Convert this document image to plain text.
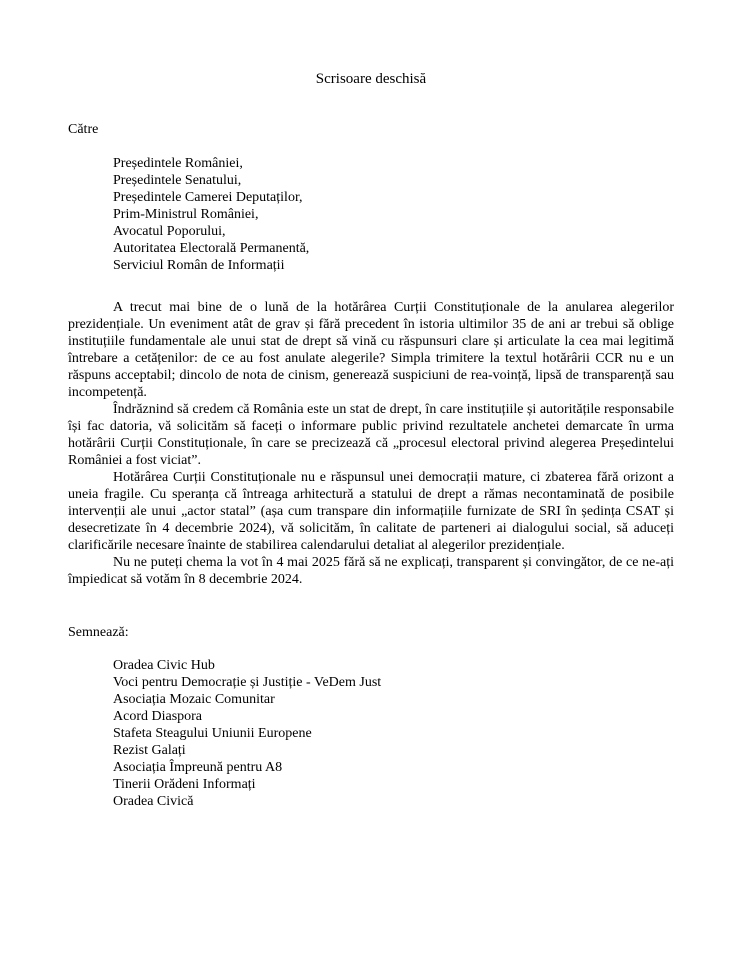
Scrisoare deschisă
Către
Președintele României,
Președintele Senatului,
Președintele Camerei Deputaților,
Prim-Ministrul României,
Avocatul Poporului,
Autoritatea Electorală Permanentă,
Serviciul Român de Informații

A trecut mai bine de o lună de la hotărârea Curții Constituționale de la anularea alegerilor prezidențiale. Un eveniment atât de grav și fără precedent în istoria ultimilor 35 de ani ar trebui să oblige instituțiile fundamentale ale unui stat de drept să vină cu răspunsuri clare și articulate la cea mai legitimă întrebare a cetățenilor: de ce au fost anulate alegerile? Simpla trimitere la textul hotărârii CCR nu e un răspuns acceptabil; dincolo de nota de cinism, generează suspiciuni de rea-voință, lipsă de transparență sau incompetență.

Îndrăznind să credem că România este un stat de drept, în care instituțiile și autoritățile responsabile își fac datoria, vă solicităm să faceți o informare public privind rezultatele anchetei demarcate în urma hotărârii Curții Constituționale, în care se precizează că „procesul electoral privind alegerea Președintelui României a fost viciat”.

Hotărârea Curții Constituționale nu e răspunsul unei democrații mature, ci zbaterea fără orizont a uneia fragile. Cu speranța că întreaga arhitectură a statului de drept a rămas necontaminată de posibile intervenții ale unui „actor statal” (așa cum transpare din informațiile furnizate de SRI în ședința CSAT și desecretizate în 4 decembrie 2024), vă solicităm, în calitate de parteneri ai dialogului social, să aduceți clarificările necesare înainte de stabilirea calendarului detaliat al alegerilor prezidențiale.

Nu ne puteți chema la vot în 4 mai 2025 fără să ne explicați, transparent și convingător, de ce ne-ați împiedicat să votăm în 8 decembrie 2024.

Semnează:
Oradea Civic Hub
Voci pentru Democrație și Justiție - VeDem Just
Asociația Mozaic Comunitar
Acord Diaspora
Stafeta Steagului Uniunii Europene
Rezist Galați
Asociația Împreună pentru A8
Tinerii Orădeni Informați
Oradea Civică
